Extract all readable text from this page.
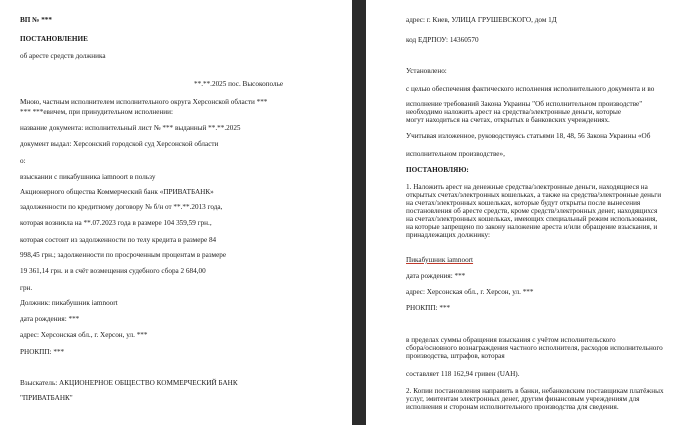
ВП № ***
ПОСТАНОВЛЕНИЕ
об аресте средств должника
**.**.2025 пос. Высокополье
Мною, частным исполнителем исполнительного округа Херсонской области ***
*** ***евичем, при принудительном исполнении:
название документа: исполнительный лист № *** выданный **.**.2025
документ выдал: Херсонский городской суд Херсонской области
о:
взыскании с пикабушника iamnoort в пользу
Акционерного общества Коммерческий банк «ПРИВАТБАНК»
задолженности по кредитному договору № б/н от **.**.2013 года,
которая возникла на **.07.2023 года в размере 104 359,59 грн.,
которая состоит из задолженности по телу кредита в размере 84
998,45 грн.; задолженности по просроченным процентам в размере
19 361,14 грн. и в счёт возмещения судебного сбора 2 684,00
грн.
Должник: пикабушник iamnoort
дата рождения: ***
адрес: Херсонская обл., г. Херсон, ул. ***
РНОКПП: ***
Взыскатель: АКЦИОНЕРНОЕ ОБЩЕСТВО КОММЕРЧЕСКИЙ БАНК
"ПРИВАТБАНК"
адрес: г. Киев, УЛИЦА ГРУШЕВСКОГО, дом 1Д
код ЕДРПОУ: 14360570
Установлено:
с целью обеспечения фактического исполнения исполнительного документа и во
исполнение требований Закона Украины "Об исполнительном производстве"
необходимо наложить арест на средства/электронные деньги, которые
могут находиться на счетах, открытых в банковских учреждениях.
Учитывая изложенное, руководствуясь статьями 18, 48, 56 Закона Украины «Об
исполнительном производстве»,
ПОСТАНОВЛЯЮ:
1. Наложить арест на денежные средства/электронные деньги, находящиеся на
открытых счетах/электронных кошельках, а также на средства/электронные деньги
на счетах/электронных кошельках, которые будут открыты после вынесения
постановления об аресте средств, кроме средств/электронных денег, находящихся
на счетах/электронных кошельках, имеющих специальный режим использования,
на которые запрещено по закону наложение ареста и/или обращение взыскания, и
принадлежащих должнику:
Пикабушник iamnoort
дата рождения: ***
адрес: Херсонская обл., г. Херсон, ул. ***
РНОКПП: ***
в пределах суммы обращения взыскания с учётом исполнительского
сбора/основного вознаграждения частного исполнителя, расходов исполнительного
производства, штрафов, которая
составляет 118 162,94 гривен (UAH).
2. Копии постановления направить в банки, небанковским поставщикам платёжных
услуг, эмитентам электронных денег, другим финансовым учреждениям для
исполнения и сторонам исполнительного производства для сведения.
